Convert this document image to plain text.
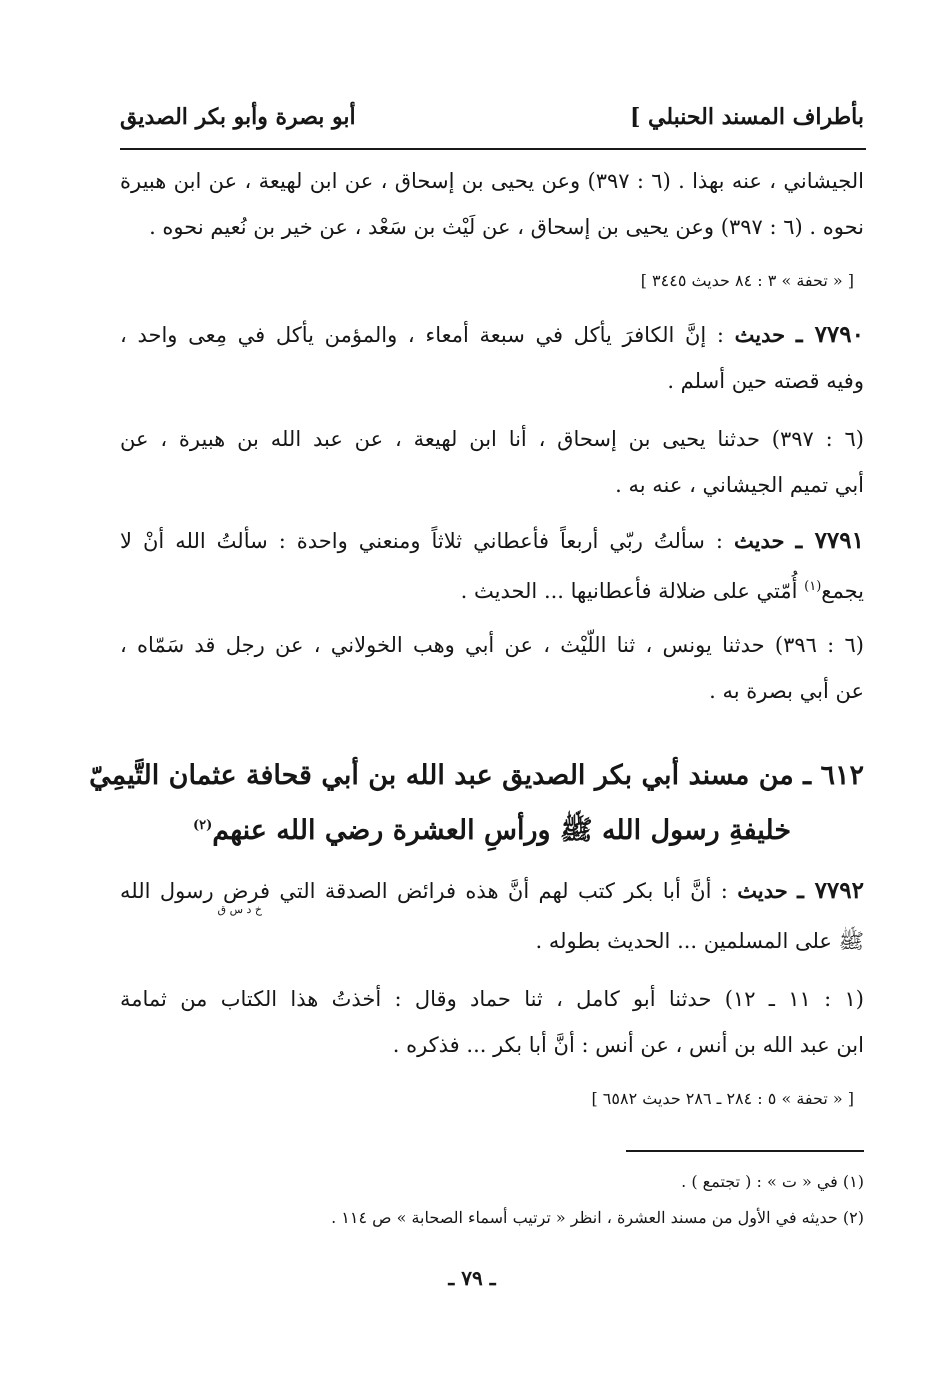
بأطراف المسند الحنبلي ]
أبو بصرة وأبو بكر الصديق
الجيشاني ، عنه بهذا . (٦ : ٣٩٧) وعن يحيى بن إسحاق ، عن ابن لهيعة ، عن ابن هبيرة
نحوه . (٦ : ٣٩٧) وعن يحيى بن إسحاق ، عن لَيْث بن سَعْد ، عن خير بن نُعيم نحوه .
[ « تحفة » ٣ : ٨٤ حديث ٣٤٤٥ ]
٧٧٩٠ ـ حديث : إنَّ الكافرَ يأكل في سبعة أمعاء ، والمؤمن يأكل في مِعى واحد ،
وفيه قصته حين أسلم .
(٦ : ٣٩٧) حدثنا يحيى بن إسحاق ، أنا ابن لهيعة ، عن عبد الله بن هبيرة ، عن
أبي تميم الجيشاني ، عنه به .
٧٧٩١ ـ حديث : سألتُ ربّي أربعاً فأعطاني ثلاثاً ومنعني واحدة : سألتُ الله أنْ لا
يجمع$^{(١)}$ أُمّتي على ضلالة فأعطانيها ... الحديث .
(٦ : ٣٩٦) حدثنا يونس ، ثنا اللّيْث ، عن أبي وهب الخولاني ، عن رجل قد سَمّاه ،
عن أبي بصرة به .
٦١٢ ـ من مسند أبي بكر الصديق عبد الله بن أبي قحافة عثمان التَّيمِيّ
خليفةِ رسول الله ﷺ ورأسِ العشرة رضي الله عنهم$^{(٢)}$
٧٧٩٢ ـ حديث : أنَّ أبا بكر كتب لهم أنَّ هذه فرائض الصدقة التي فرض رسول الله
خ د س ق
ﷺ على المسلمين ... الحديث بطوله .
(١ : ١١ ـ ١٢) حدثنا أبو كامل ، ثنا حماد وقال : أخذتُ هذا الكتاب من ثمامة
ابن عبد الله بن أنس ، عن أنس : أنَّ أبا بكر ... فذكره .
[ « تحفة » ٥ : ٢٨٤ ـ ٢٨٦ حديث ٦٥٨٢ ]
(١) في « ت » : ( تجتمع ) .
(٢) حديثه في الأول من مسند العشرة ، انظر « ترتيب أسماء الصحابة » ص ١١٤ .
ـ ٧٩ ـ
